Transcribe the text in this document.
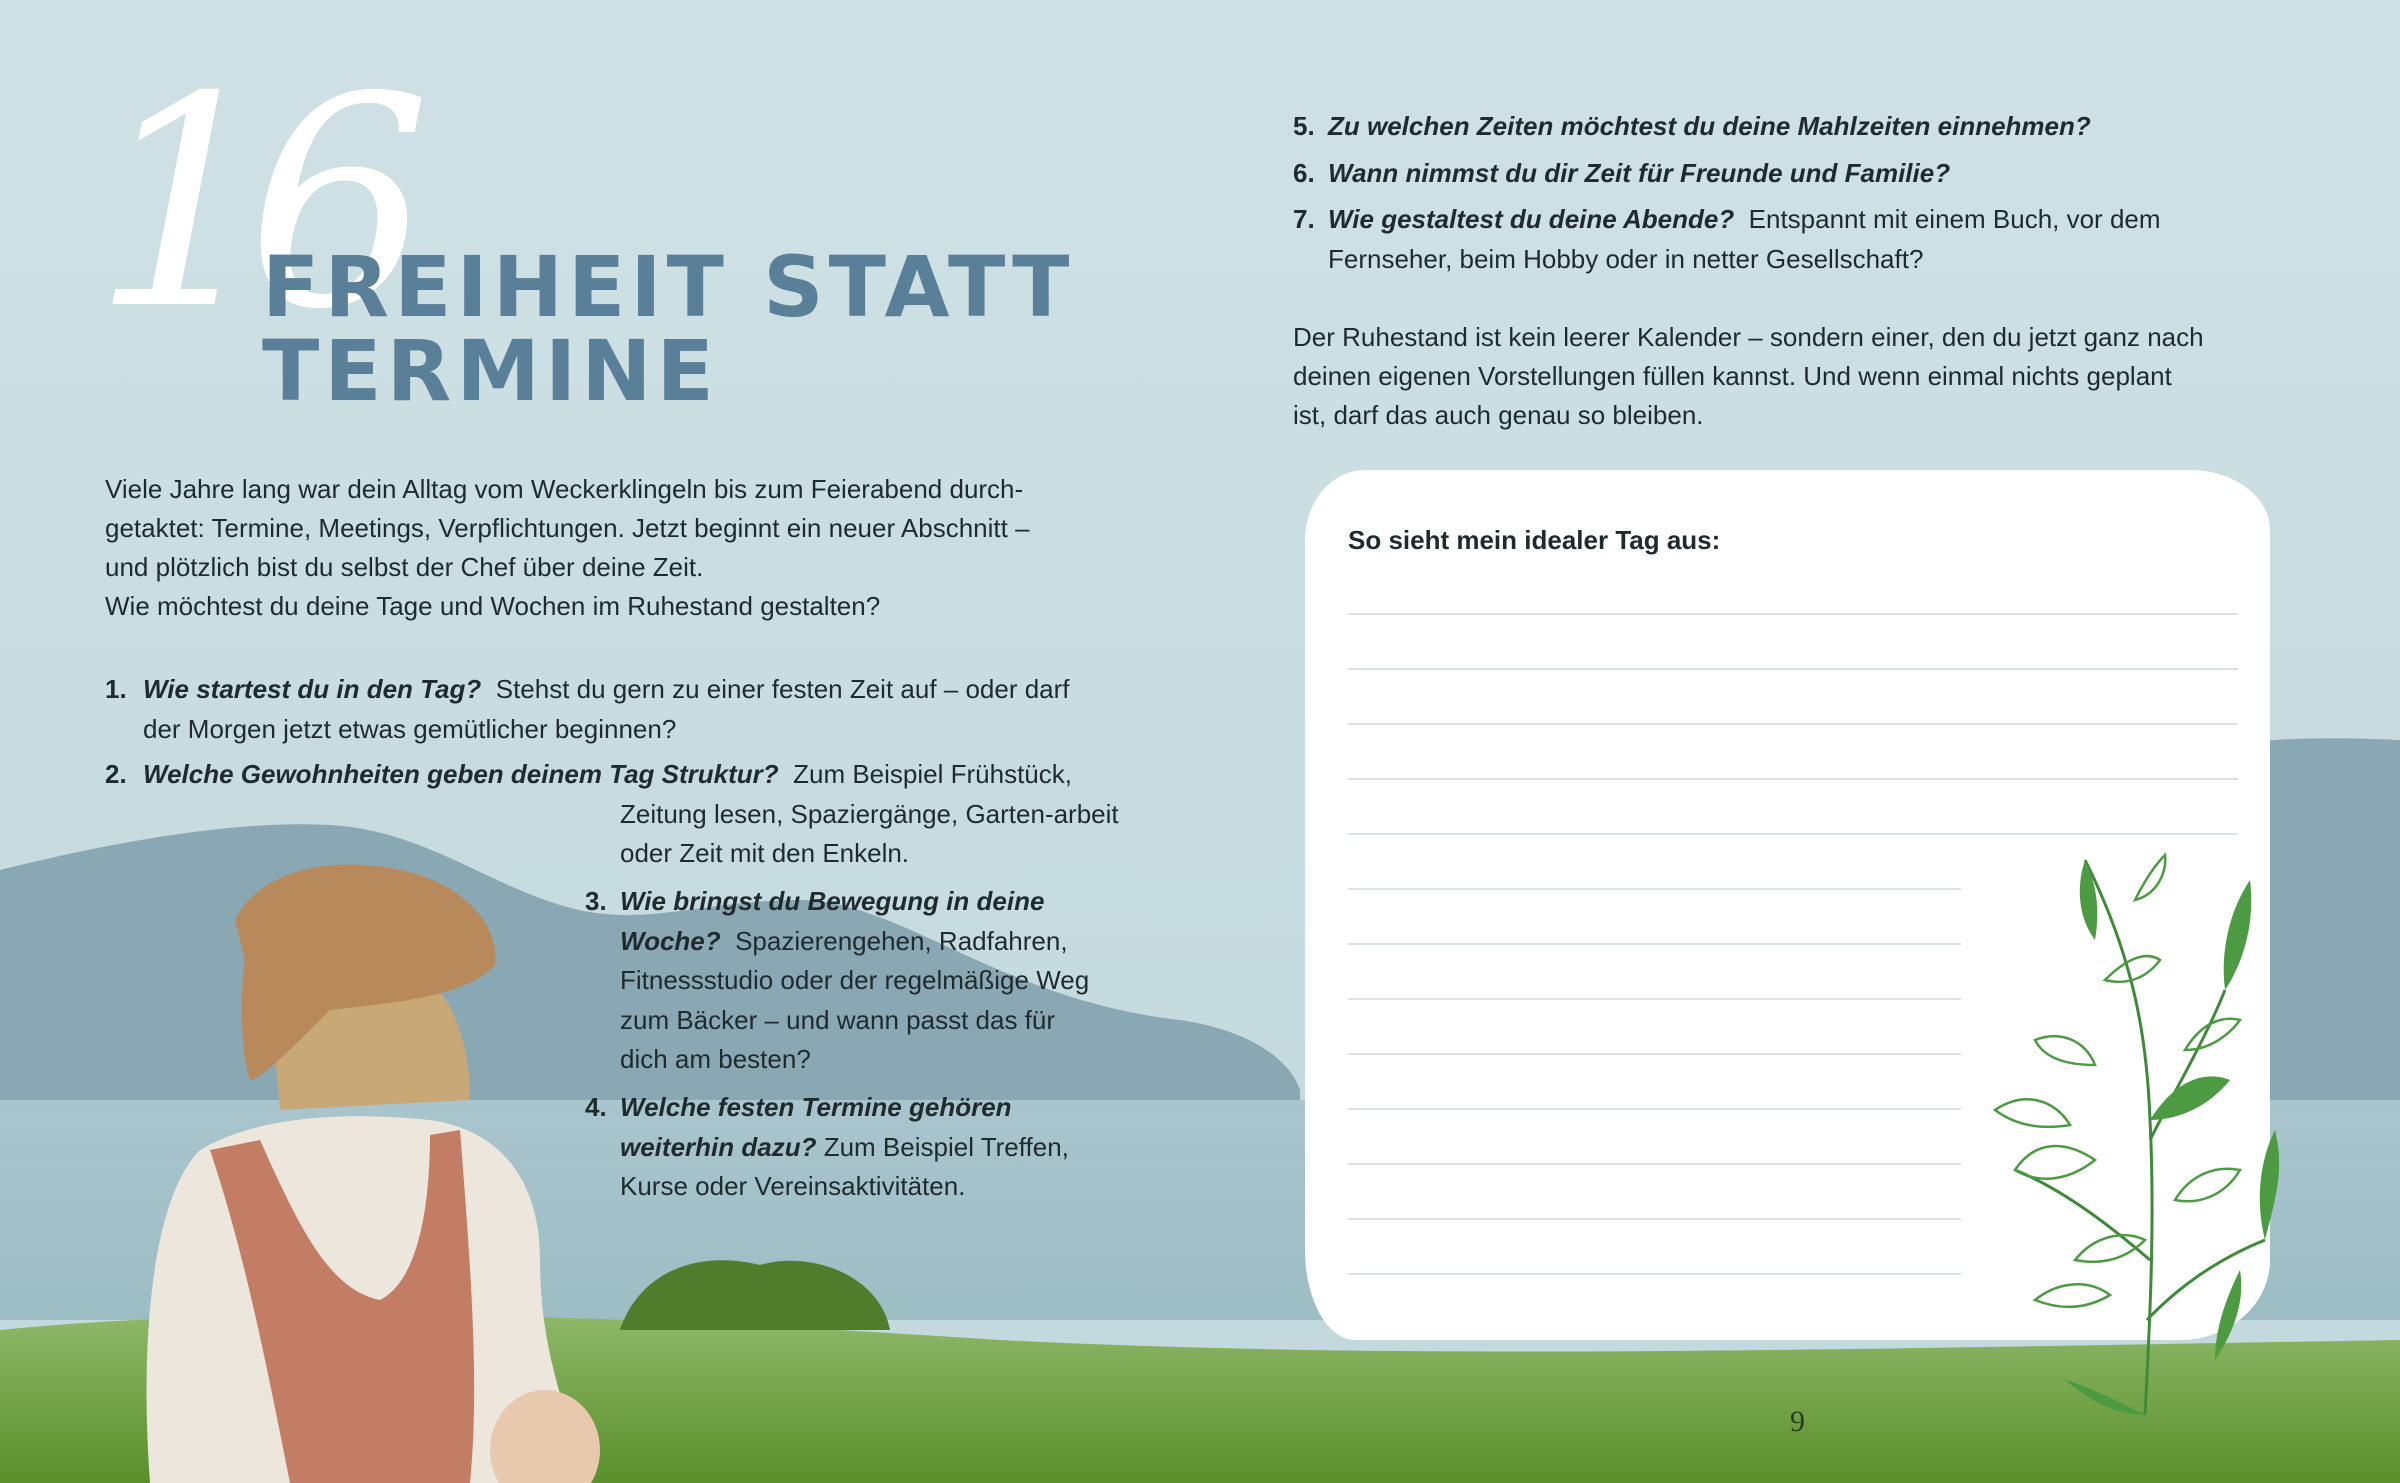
16
FREIHEIT STATT
TERMINE

Viele Jahre lang war dein Alltag vom Weckerklingeln bis zum Feierabend durch-

getaktet: Termine, Meetings, Verpflichtungen. Jetzt beginnt ein neuer Abschnitt –

und plötzlich bist du selbst der Chef über deine Zeit.

Wie möchtest du deine Tage und Wochen im Ruhestand gestalten?

1. Wie startest du in den Tag? Stehst du gern zu einer festen Zeit auf – oder darf der Morgen jetzt etwas gemütlicher beginnen?
2. Welche Gewohnheiten geben deinem Tag Struktur? Zum Beispiel Frühstück,
Zeitung lesen, Spaziergänge, Garten-arbeit oder Zeit mit den Enkeln.
3. Wie bringst du Bewegung in deine Woche? Spazierengehen, Radfahren, Fitnessstudio oder der regelmäßige Weg zum Bäcker – und wann passt das für dich am besten?
4. Welche festen Termine gehören weiterhin dazu? Zum Beispiel Treffen, Kurse oder Vereinsaktivitäten.
5. Zu welchen Zeiten möchtest du deine Mahlzeiten einnehmen?
6. Wann nimmst du dir Zeit für Freunde und Familie?
7. Wie gestaltest du deine Abende? Entspannt mit einem Buch, vor dem Fernseher, beim Hobby oder in netter Gesellschaft?
Der Ruhestand ist kein leerer Kalender – sondern einer, den du jetzt ganz nach
deinen eigenen Vorstellungen füllen kannst. Und wenn einmal nichts geplant
ist, darf das auch genau so bleiben.
So sieht mein idealer Tag aus:
9
